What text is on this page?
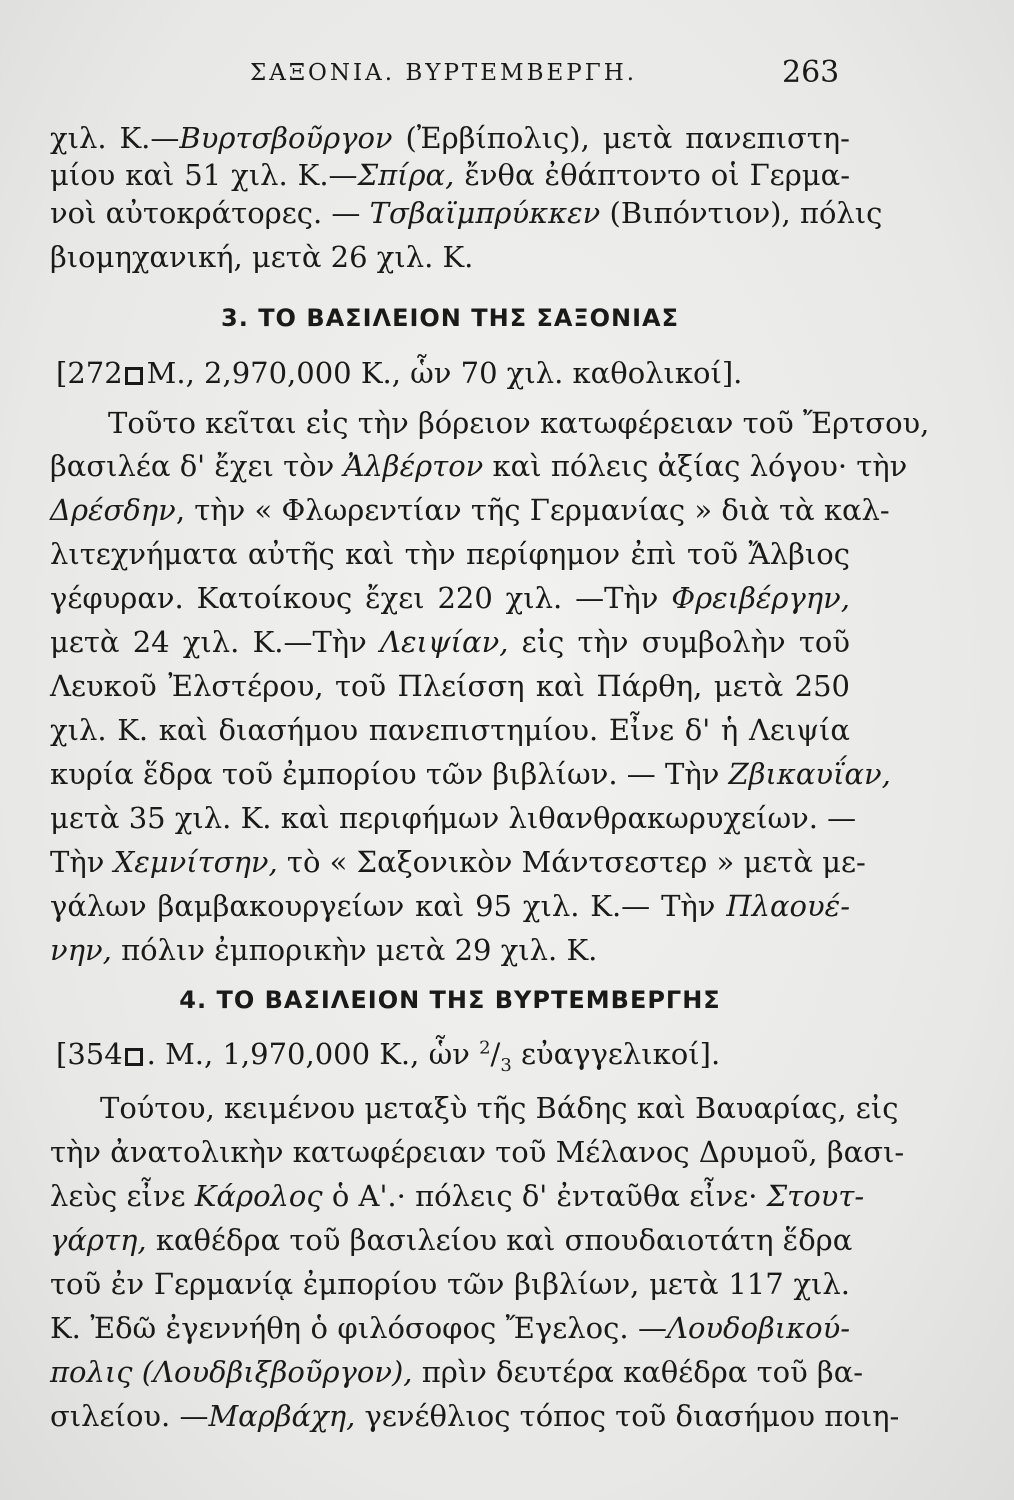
ΣΑΞΟΝΙΑ. ΒΥΡΤΕΜΒΕΡΓΗ.	263
χιλ. Κ.—Βυρτσβοῦργον (Ἐρβίπολις), μετὰ πανεπιστη-
μίου καὶ 51 χιλ. Κ.—Σπίρα, ἔνθα ἐθάπτοντο οἱ Γερμα-
νοὶ αὐτοκράτορες. — Τσβαϊμπρύκκεν (Βιπόντιον), πόλις
βιομηχανική, μετὰ 26 χιλ. Κ.
3. ΤΟ ΒΑΣΙΛΕΙΟΝ ΤΗΣ ΣΑΞΟΝΙΑΣ
[272 Μ., 2,970,000 Κ., ὧν 70 χιλ. καθολικοί].
Τοῦτο κεῖται εἰς τὴν βόρειον κατωφέρειαν τοῦ Ἔρτσου,
βασιλέα δ' ἔχει τὸν Ἀλβέρτον καὶ πόλεις ἀξίας λόγου· τὴν
Δρέσδην, τὴν « Φλωρεντίαν τῆς Γερμανίας » διὰ τὰ καλ-
λιτεχνήματα αὐτῆς καὶ τὴν περίφημον ἐπὶ τοῦ Ἄλβιος
γέφυραν. Κατοίκους ἔχει 220 χιλ. —Τὴν Φρειβέργην,
μετὰ 24 χιλ. Κ.—Τὴν Λειψίαν, εἰς τὴν συμβολὴν τοῦ
Λευκοῦ Ἐλστέρου, τοῦ Πλείσση καὶ Πάρθη, μετὰ 250
χιλ. Κ. καὶ διασήμου πανεπιστημίου. Εἶνε δ' ἡ Λειψία
κυρία ἕδρα τοῦ ἐμπορίου τῶν βιβλίων. — Τὴν Ζβικαυΐαν,
μετὰ 35 χιλ. Κ. καὶ περιφήμων λιθανθρακωρυχείων. —
Τὴν Χεμνίτσην, τὸ « Σαξονικὸν Μάντσεστερ » μετὰ με-
γάλων βαμβακουργείων καὶ 95 χιλ. Κ.— Τὴν Πλαουέ-
νην, πόλιν ἐμπορικὴν μετὰ 29 χιλ. Κ.
4. ΤΟ ΒΑΣΙΛΕΙΟΝ ΤΗΣ ΒΥΡΤΕΜΒΕΡΓΗΣ
[354 . Μ., 1,970,000 Κ., ὧν $^2/_3$ εὐαγγελικοί].
Τούτου, κειμένου μεταξὺ τῆς Βάδης καὶ Βαυαρίας, εἰς
τὴν ἀνατολικὴν κατωφέρειαν τοῦ Μέλανος Δρυμοῦ, βασι-
λεὺς εἶνε Κάρολος ὁ Α'.· πόλεις δ' ἐνταῦθα εἶνε· Στουτ-
γάρτη, καθέδρα τοῦ βασιλείου καὶ σπουδαιοτάτη ἕδρα
τοῦ ἐν Γερμανίᾳ ἐμπορίου τῶν βιβλίων, μετὰ 117 χιλ.
Κ. Ἐδῶ ἐγεννήθη ὁ φιλόσοφος Ἔγελος. —Λουδοβικού-
πολις (Λουδβιξβοῦργον), πρὶν δευτέρα καθέδρα τοῦ βα-
σιλείου. —Μαρβάχη, γενέθλιος τόπος τοῦ διασήμου ποιη-
